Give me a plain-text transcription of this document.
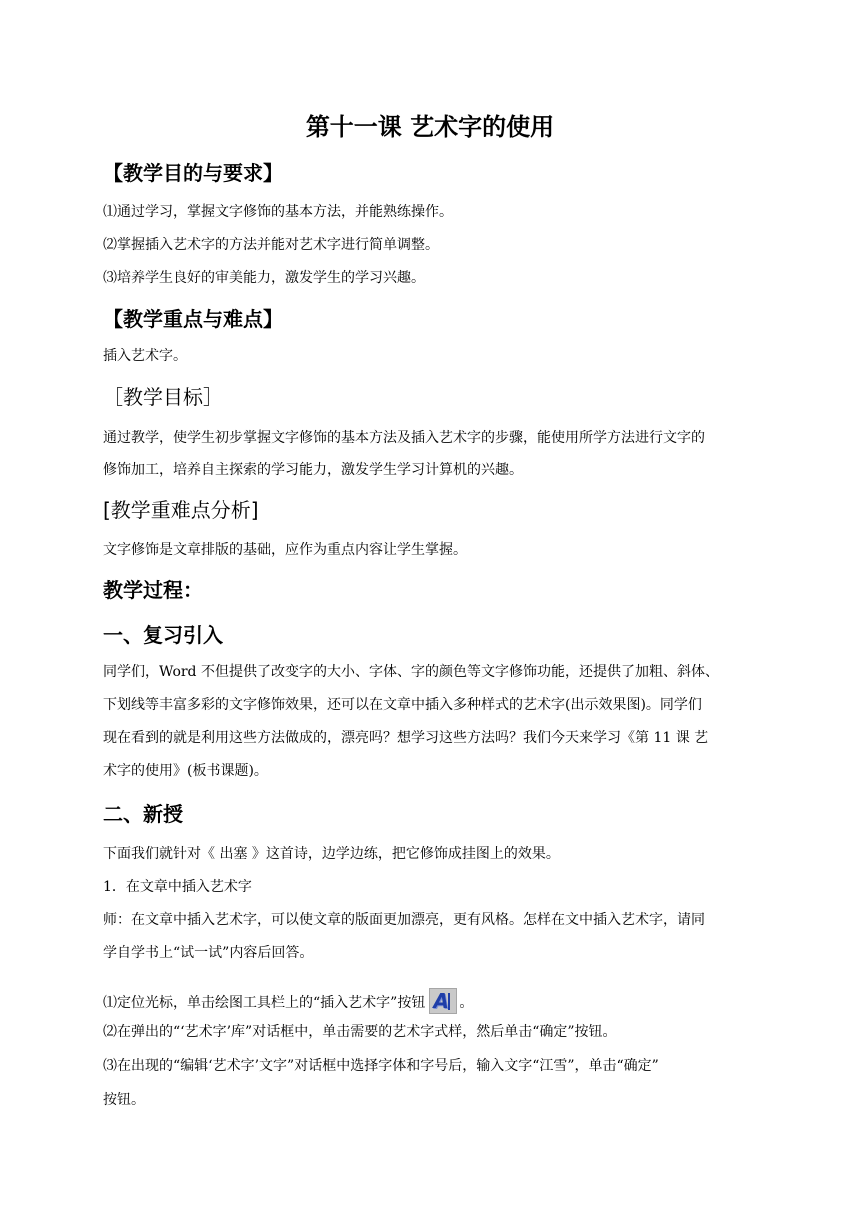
第十一课 艺术字的使用
【教学目的与要求】
⑴通过学习，掌握文字修饰的基本方法，并能熟练操作。
⑵掌握插入艺术字的方法并能对艺术字进行简单调整。
⑶培养学生良好的审美能力，激发学生的学习兴趣。
【教学重点与难点】
插入艺术字。
［教学目标］
通过教学，使学生初步掌握文字修饰的基本方法及插入艺术字的步骤，能使用所学方法进行文字的
修饰加工，培养自主探索的学习能力，激发学生学习计算机的兴趣。
[教学重难点分析]
文字修饰是文章排版的基础，应作为重点内容让学生掌握。
教学过程：
一、复习引入
同学们，Word 不但提供了改变字的大小、字体、字的颜色等文字修饰功能，还提供了加粗、斜体、
下划线等丰富多彩的文字修饰效果，还可以在文章中插入多种样式的艺术字(出示效果图)。同学们
现在看到的就是利用这些方法做成的，漂亮吗？想学习这些方法吗？我们今天来学习《第 11 课 艺
术字的使用》(板书课题)。
二、新授
下面我们就针对《 出塞 》这首诗，边学边练，把它修饰成挂图上的效果。
1．在文章中插入艺术字
师：在文章中插入艺术字，可以使文章的版面更加漂亮，更有风格。怎样在文中插入艺术字，请同
学自学书上“试一试”内容后回答。
⑴定位光标，单击绘图工具栏上的“插入艺术字”按钮 A 。
⑵在弹出的“‘艺术字’库”对话框中，单击需要的艺术字式样，然后单击“确定”按钮。
⑶在出现的“编辑‘艺术字’文字”对话框中选择字体和字号后，输入文字“江雪”，单击“确定”
按钮。
